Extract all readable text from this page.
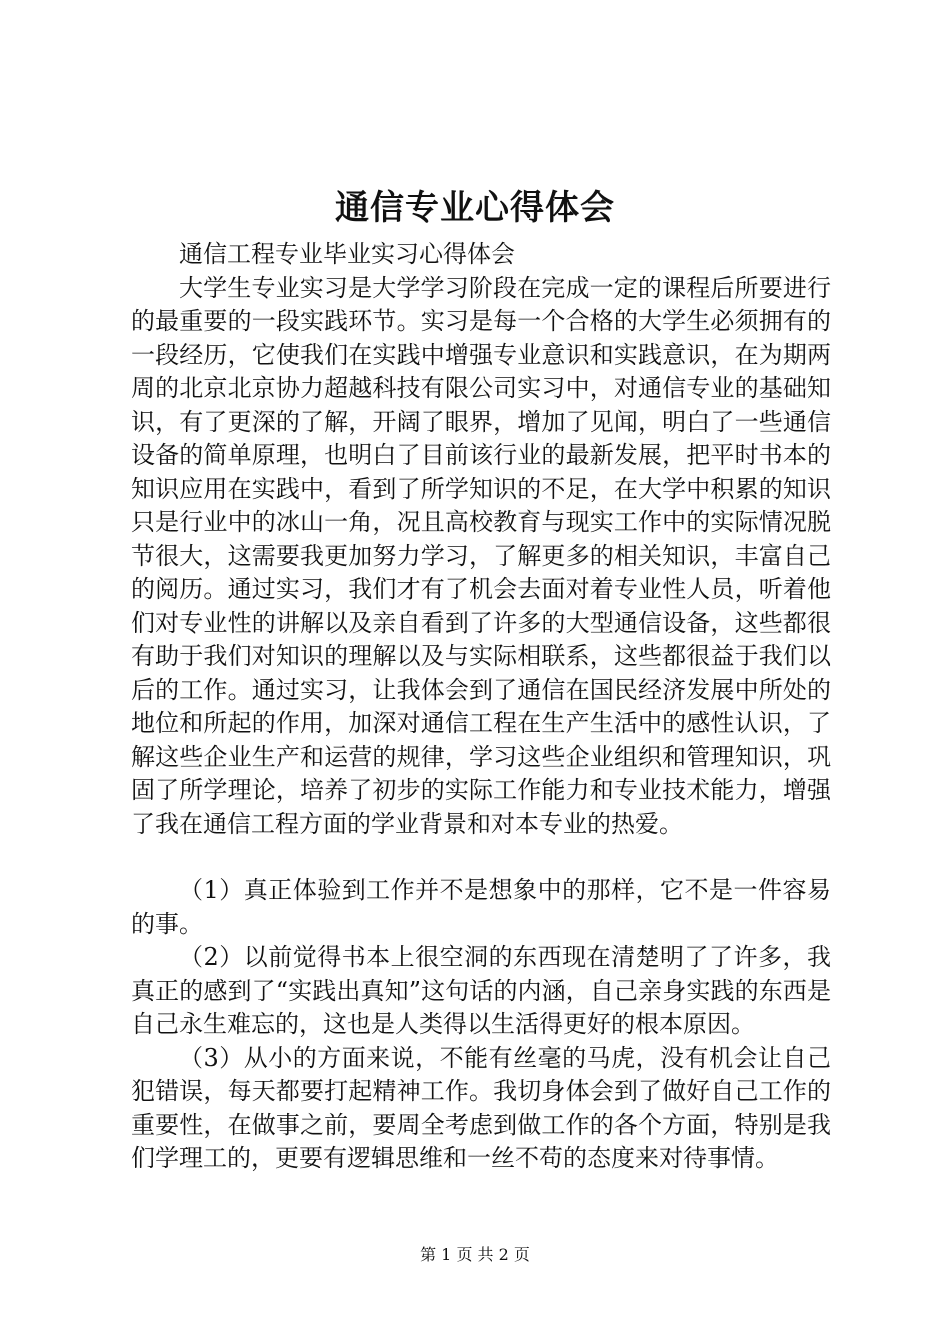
通信专业心得体会

通信工程专业毕业实习心得体会

大学生专业实习是大学学习阶段在完成一定的课程后所要进行的最重要的一段实践环节。实习是每一个合格的大学生必须拥有的一段经历，它使我们在实践中增强专业意识和实践意识，在为期两周的北京北京协力超越科技有限公司实习中，对通信专业的基础知识，有了更深的了解，开阔了眼界，增加了见闻，明白了一些通信设备的简单原理，也明白了目前该行业的最新发展，把平时书本的知识应用在实践中，看到了所学知识的不足，在大学中积累的知识只是行业中的冰山一角，况且高校教育与现实工作中的实际情况脱节很大，这需要我更加努力学习，了解更多的相关知识，丰富自己的阅历。通过实习，我们才有了机会去面对着专业性人员，听着他们对专业性的讲解以及亲自看到了许多的大型通信设备，这些都很有助于我们对知识的理解以及与实际相联系，这些都很益于我们以后的工作。通过实习，让我体会到了通信在国民经济发展中所处的地位和所起的作用，加深对通信工程在生产生活中的感性认识，了解这些企业生产和运营的规律，学习这些企业组织和管理知识，巩固了所学理论，培养了初步的实际工作能力和专业技术能力，增强了我在通信工程方面的学业背景和对本专业的热爱。

（1）真正体验到工作并不是想象中的那样，它不是一件容易的事。

（2）以前觉得书本上很空洞的东西现在清楚明了了许多，我真正的感到了“实践出真知”这句话的内涵，自己亲身实践的东西是自己永生难忘的，这也是人类得以生活得更好的根本原因。

（3）从小的方面来说，不能有丝毫的马虎，没有机会让自己犯错误，每天都要打起精神工作。我切身体会到了做好自己工作的重要性，在做事之前，要周全考虑到做工作的各个方面，特别是我们学理工的，更要有逻辑思维和一丝不苟的态度来对待事情。

第 1 页 共 2 页
